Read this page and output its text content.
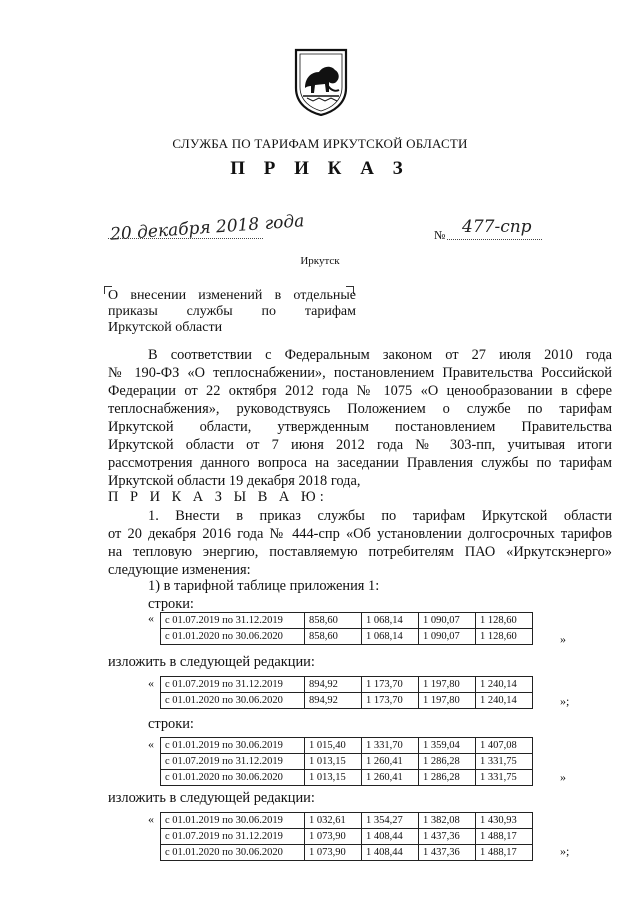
СЛУЖБА ПО ТАРИФАМ ИРКУТСКОЙ ОБЛАСТИ
П Р И К А З
20 декабря 2018 года	№ 477-спр
Иркутск
О внесении изменений в отдельные
приказы службы по тарифам
Иркутской области
В соответствии с Федеральным законом от 27 июля 2010 года
№ 190-ФЗ «О теплоснабжении», постановлением Правительства Российской
Федерации от 22 октября 2012 года № 1075 «О ценообразовании в сфере
теплоснабжения», руководствуясь Положением о службе по тарифам
Иркутской области, утвержденным постановлением Правительства
Иркутской области от 7 июня 2012 года № 303-пп, учитывая итоги
рассмотрения данного вопроса на заседании Правления службы по тарифам
Иркутской области 19 декабря 2018 года,
П Р И К А З Ы В А Ю:
1. Внести в приказ службы по тарифам Иркутской области
от 20 декабря 2016 года № 444-спр «Об установлении долгосрочных тарифов
на тепловую энергию, поставляемую потребителям ПАО «Иркутскэнерго»
следующие изменения:
1) в тарифной таблице приложения 1:
строки:
« с 01.07.2019 по 31.12.2019	858,60	1 068,14	1 090,07	1 128,60
с 01.01.2020 по 30.06.2020	858,60	1 068,14	1 090,07	1 128,60	»
изложить в следующей редакции:
« с 01.07.2019 по 31.12.2019	894,92	1 173,70	1 197,80	1 240,14
с 01.01.2020 по 30.06.2020	894,92	1 173,70	1 197,80	1 240,14	»;
строки:
« с 01.01.2019 по 30.06.2019	1 015,40	1 331,70	1 359,04	1 407,08
с 01.07.2019 по 31.12.2019	1 013,15	1 260,41	1 286,28	1 331,75
с 01.01.2020 по 30.06.2020	1 013,15	1 260,41	1 286,28	1 331,75	»
изложить в следующей редакции:
« с 01.01.2019 по 30.06.2019	1 032,61	1 354,27	1 382,08	1 430,93
с 01.07.2019 по 31.12.2019	1 073,90	1 408,44	1 437,36	1 488,17
с 01.01.2020 по 30.06.2020	1 073,90	1 408,44	1 437,36	1 488,17	»;
